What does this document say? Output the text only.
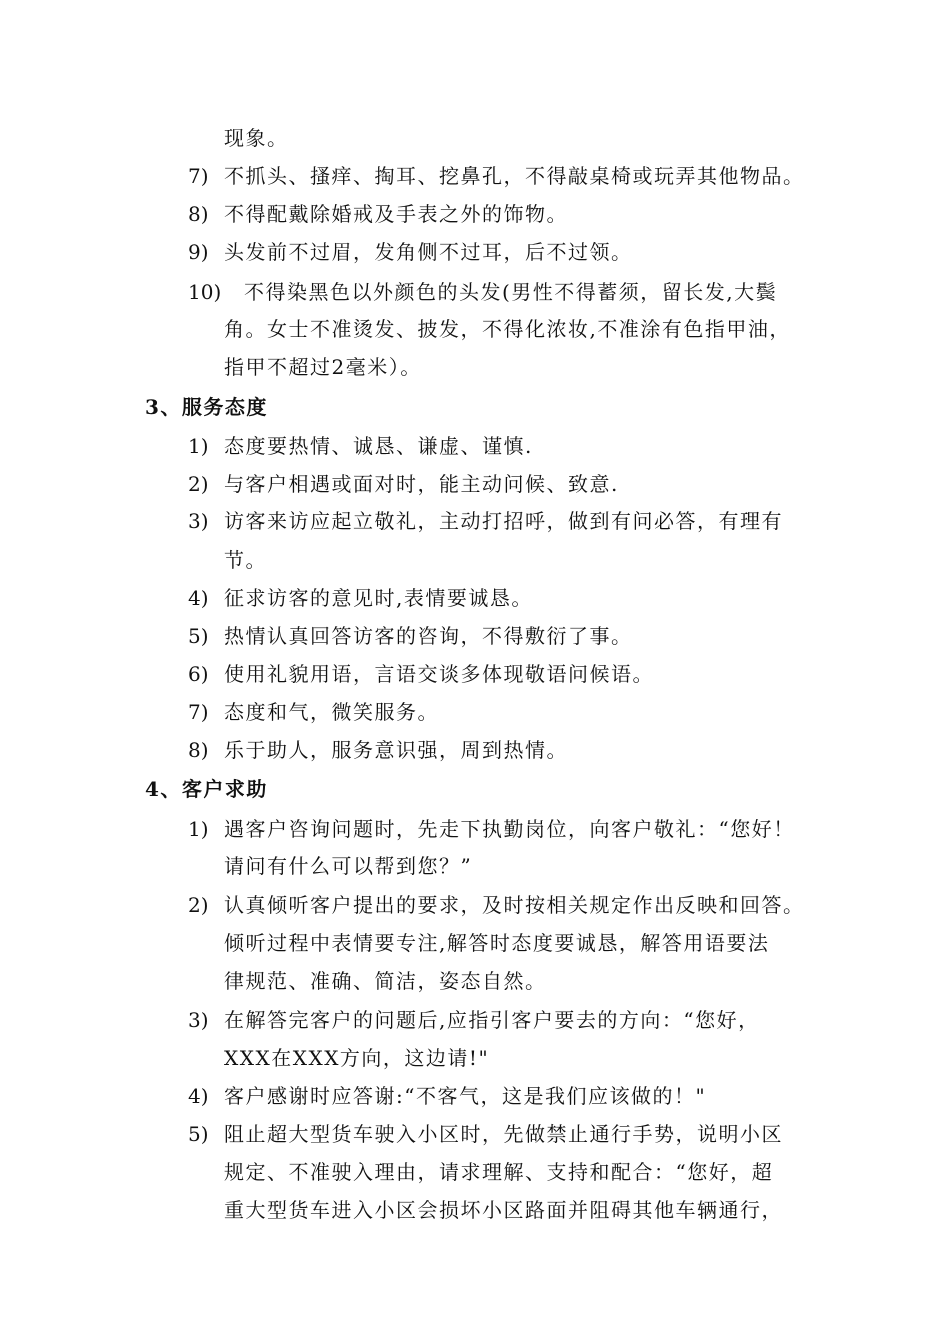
现象。
7) 不抓头、搔痒、掏耳、挖鼻孔，不得敲桌椅或玩弄其他物品。
8) 不得配戴除婚戒及手表之外的饰物。
9) 头发前不过眉，发角侧不过耳，后不过领。
10) 不得染黑色以外颜色的头发(男性不得蓄须，留长发,大鬓
角。女士不准烫发、披发，不得化浓妆,不准涂有色指甲油，
指甲不超过2毫米）。
3、服务态度
1) 态度要热情、诚恳、谦虚、谨慎.
2) 与客户相遇或面对时，能主动问候、致意.
3) 访客来访应起立敬礼，主动打招呼，做到有问必答，有理有
节。
4) 征求访客的意见时,表情要诚恳。
5) 热情认真回答访客的咨询，不得敷衍了事。
6) 使用礼貌用语，言语交谈多体现敬语问候语。
7) 态度和气，微笑服务。
8) 乐于助人，服务意识强，周到热情。
4、客户求助
1) 遇客户咨询问题时，先走下执勤岗位，向客户敬礼：“您好！
请问有什么可以帮到您？”
2) 认真倾听客户提出的要求，及时按相关规定作出反映和回答。
倾听过程中表情要专注,解答时态度要诚恳，解答用语要法
律规范、准确、简洁，姿态自然。
3) 在解答完客户的问题后,应指引客户要去的方向：“您好，
XXX在XXX方向，这边请!"
4) 客户感谢时应答谢:“不客气，这是我们应该做的！"
5) 阻止超大型货车驶入小区时，先做禁止通行手势，说明小区
规定、不准驶入理由，请求理解、支持和配合：“您好，超
重大型货车进入小区会损坏小区路面并阻碍其他车辆通行，
